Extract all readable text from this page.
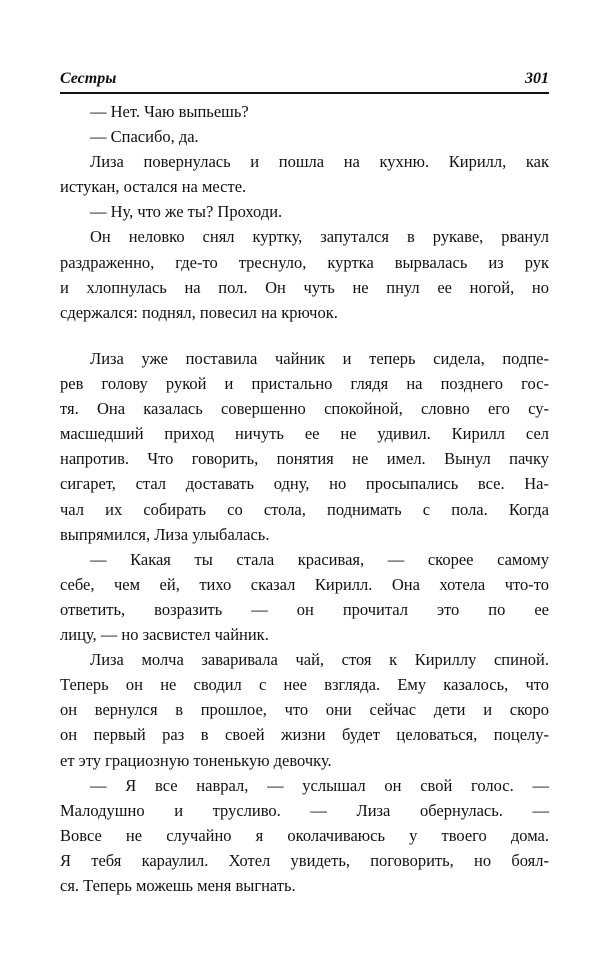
Сестры	301
— Нет. Чаю выпьешь?
— Спасибо, да.
Лиза повернулась и пошла на кухню. Кирилл, как
истукан, остался на месте.
— Ну, что же ты? Проходи.
Он неловко снял куртку, запутался в рукаве, рванул
раздраженно, где-то треснуло, куртка вырвалась из рук
и хлопнулась на пол. Он чуть не пнул ее ногой, но
сдержался: поднял, повесил на крючок.
Лиза уже поставила чайник и теперь сидела, подпе-
рев голову рукой и пристально глядя на позднего гос-
тя. Она казалась совершенно спокойной, словно его су-
масшедший приход ничуть ее не удивил. Кирилл сел
напротив. Что говорить, понятия не имел. Вынул пачку
сигарет, стал доставать одну, но просыпались все. На-
чал их собирать со стола, поднимать с пола. Когда
выпрямился, Лиза улыбалась.
— Какая ты стала красивая, — скорее самому
себе, чем ей, тихо сказал Кирилл. Она хотела что-то
ответить, возразить — он прочитал это по ее
лицу, — но засвистел чайник.
Лиза молча заваривала чай, стоя к Кириллу спиной.
Теперь он не сводил с нее взгляда. Ему казалось, что
он вернулся в прошлое, что они сейчас дети и скоро
он первый раз в своей жизни будет целоваться, поцелу-
ет эту грациозную тоненькую девочку.
— Я все наврал, — услышал он свой голос. —
Малодушно и трусливо. — Лиза обернулась. —
Вовсе не случайно я околачиваюсь у твоего дома.
Я тебя караулил. Хотел увидеть, поговорить, но боял-
ся. Теперь можешь меня выгнать.
